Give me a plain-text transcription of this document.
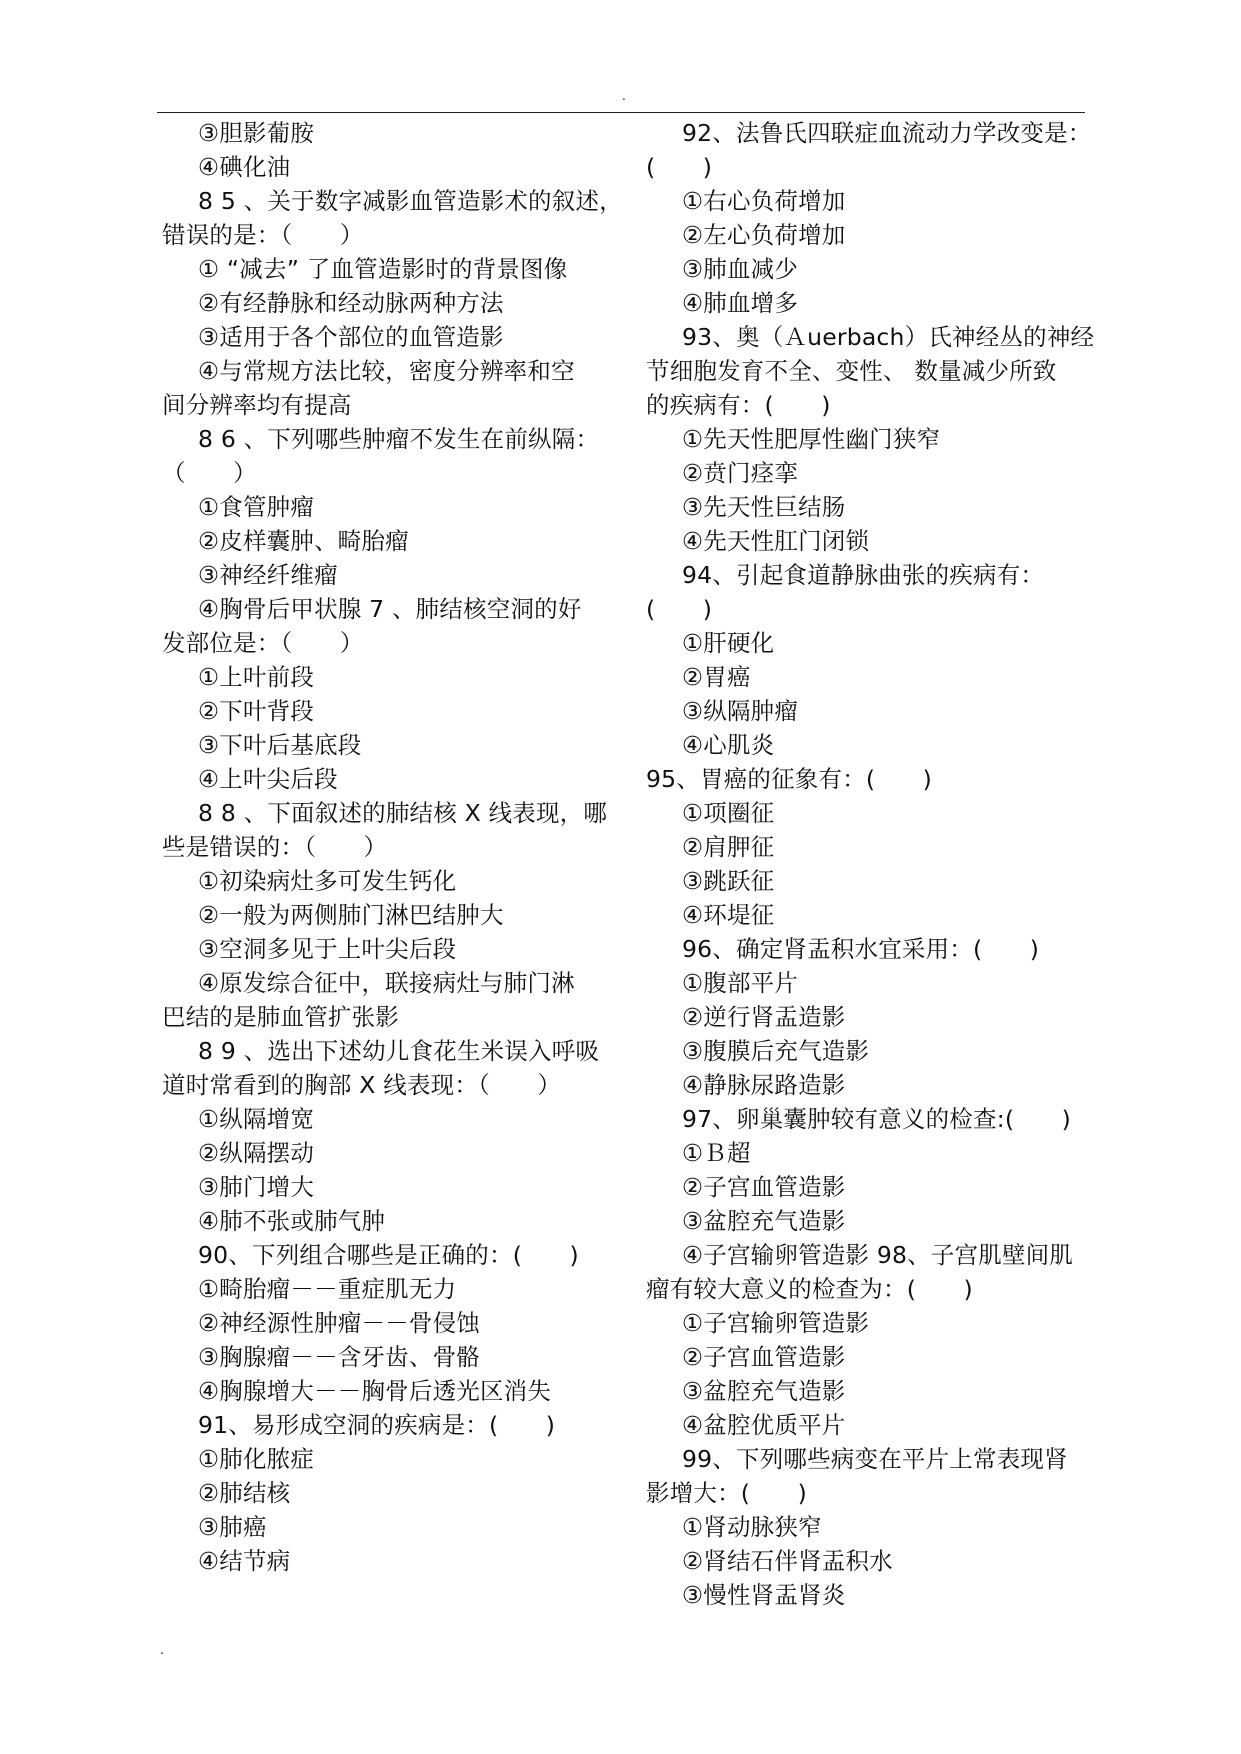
.
③胆影葡胺
④碘化油
8 5 、关于数字减影血管造影术的叙述，
错误的是：（　　）
① “减去” 了血管造影时的背景图像
②有经静脉和经动脉两种方法
③适用于各个部位的血管造影
④与常规方法比较，密度分辨率和空
间分辨率均有提高
8 6 、下列哪些肿瘤不发生在前纵隔：
（　　）
①食管肿瘤
②皮样囊肿、畸胎瘤
③神经纤维瘤
④胸骨后甲状腺 7 、肺结核空洞的好
发部位是：（　　）
①上叶前段
②下叶背段
③下叶后基底段
④上叶尖后段
8 8 、下面叙述的肺结核 X 线表现，哪
些是错误的：（　　）
①初染病灶多可发生钙化
②一般为两侧肺门淋巴结肿大
③空洞多见于上叶尖后段
④原发综合征中，联接病灶与肺门淋
巴结的是肺血管扩张影
8 9 、选出下述幼儿食花生米误入呼吸
道时常看到的胸部 X 线表现：（　　）
①纵隔增宽
②纵隔摆动
③肺门增大
④肺不张或肺气肿
90、下列组合哪些是正确的：(　　)
①畸胎瘤－－重症肌无力
②神经源性肿瘤－－骨侵蚀
③胸腺瘤－－含牙齿、骨骼
④胸腺增大－－胸骨后透光区消失
91、易形成空洞的疾病是：(　　)
①肺化脓症
②肺结核
③肺癌
④结节病
92、法鲁氏四联症血流动力学改变是：
(　　)
①右心负荷增加
②左心负荷增加
③肺血减少
④肺血增多
93、奥（Ａuerbach）氏神经丛的神经
节细胞发育不全、变性、 数量减少所致
的疾病有：(　　)
①先天性肥厚性幽门狭窄
②贲门痉挛
③先天性巨结肠
④先天性肛门闭锁
94、引起食道静脉曲张的疾病有：
(　　)
①肝硬化
②胃癌
③纵隔肿瘤
④心肌炎
95、胃癌的征象有：(　　)
①项圈征
②肩胛征
③跳跃征
④环堤征
96、确定肾盂积水宜采用：(　　)
①腹部平片
②逆行肾盂造影
③腹膜后充气造影
④静脉尿路造影
97、卵巢囊肿较有意义的检查:(　　)
①Ｂ超
②子宫血管造影
③盆腔充气造影
④子宫输卵管造影 98、子宫肌壁间肌
瘤有较大意义的检查为：(　　)
①子宫输卵管造影
②子宫血管造影
③盆腔充气造影
④盆腔优质平片
99、下列哪些病变在平片上常表现肾
影增大：(　　)
①肾动脉狭窄
②肾结石伴肾盂积水
③慢性肾盂肾炎
.
